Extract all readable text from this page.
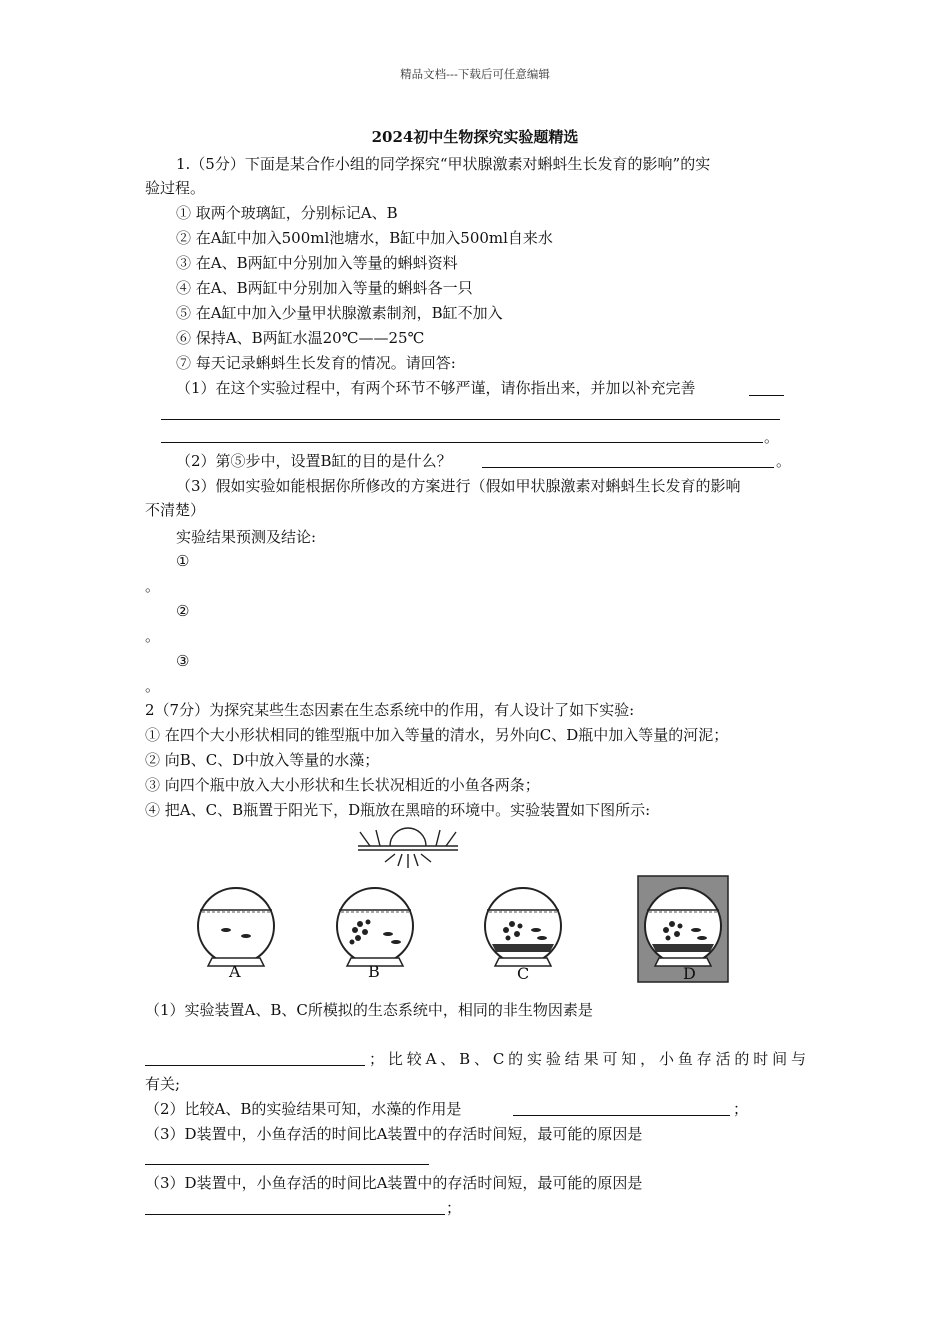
精品文档---下载后可任意编辑
2024初中生物探究实验题精选
1.（5分）下面是某合作小组的同学探究“甲状腺激素对蝌蚪生长发育的影响”的实
验过程。
① 取两个玻璃缸，分别标记A、B
② 在A缸中加入500ml池塘水，B缸中加入500ml自来水
③ 在A、B两缸中分别加入等量的蝌蚪资料
④ 在A、B两缸中分别加入等量的蝌蚪各一只
⑤ 在A缸中加入少量甲状腺激素制剂，B缸不加入
⑥ 保持A、B两缸水温20℃——25℃
⑦ 每天记录蝌蚪生长发育的情况。请回答:
（1）在这个实验过程中，有两个环节不够严谨，请你指出来，并加以补充完善
。
（2）第⑤步中，设置B缸的目的是什么？	。
（3）假如实验如能根据你所修改的方案进行（假如甲状腺激素对蝌蚪生长发育的影响
不清楚）
实验结果预测及结论:
①
。
②
。
③
。
2（7分）为探究某些生态因素在生态系统中的作用，有人设计了如下实验:
① 在四个大小形状相同的锥型瓶中加入等量的清水，另外向C、D瓶中加入等量的河泥；
② 向B、C、D中放入等量的水藻；
③ 向四个瓶中放入大小形状和生长状况相近的小鱼各两条；
④ 把A、C、B瓶置于阳光下，D瓶放在黑暗的环境中。实验装置如下图所示:
A	B	C	D
（1）实验装置A、B、C所模拟的生态系统中，相同的非生物因素是
；比较A、B、C的实验结果可知，小鱼存活的时间与
有关;
（2）比较A、B的实验结果可知，水藻的作用是	；
（3）D装置中，小鱼存活的时间比A装置中的存活时间短，最可能的原因是
（3）D装置中，小鱼存活的时间比A装置中的存活时间短，最可能的原因是
；
